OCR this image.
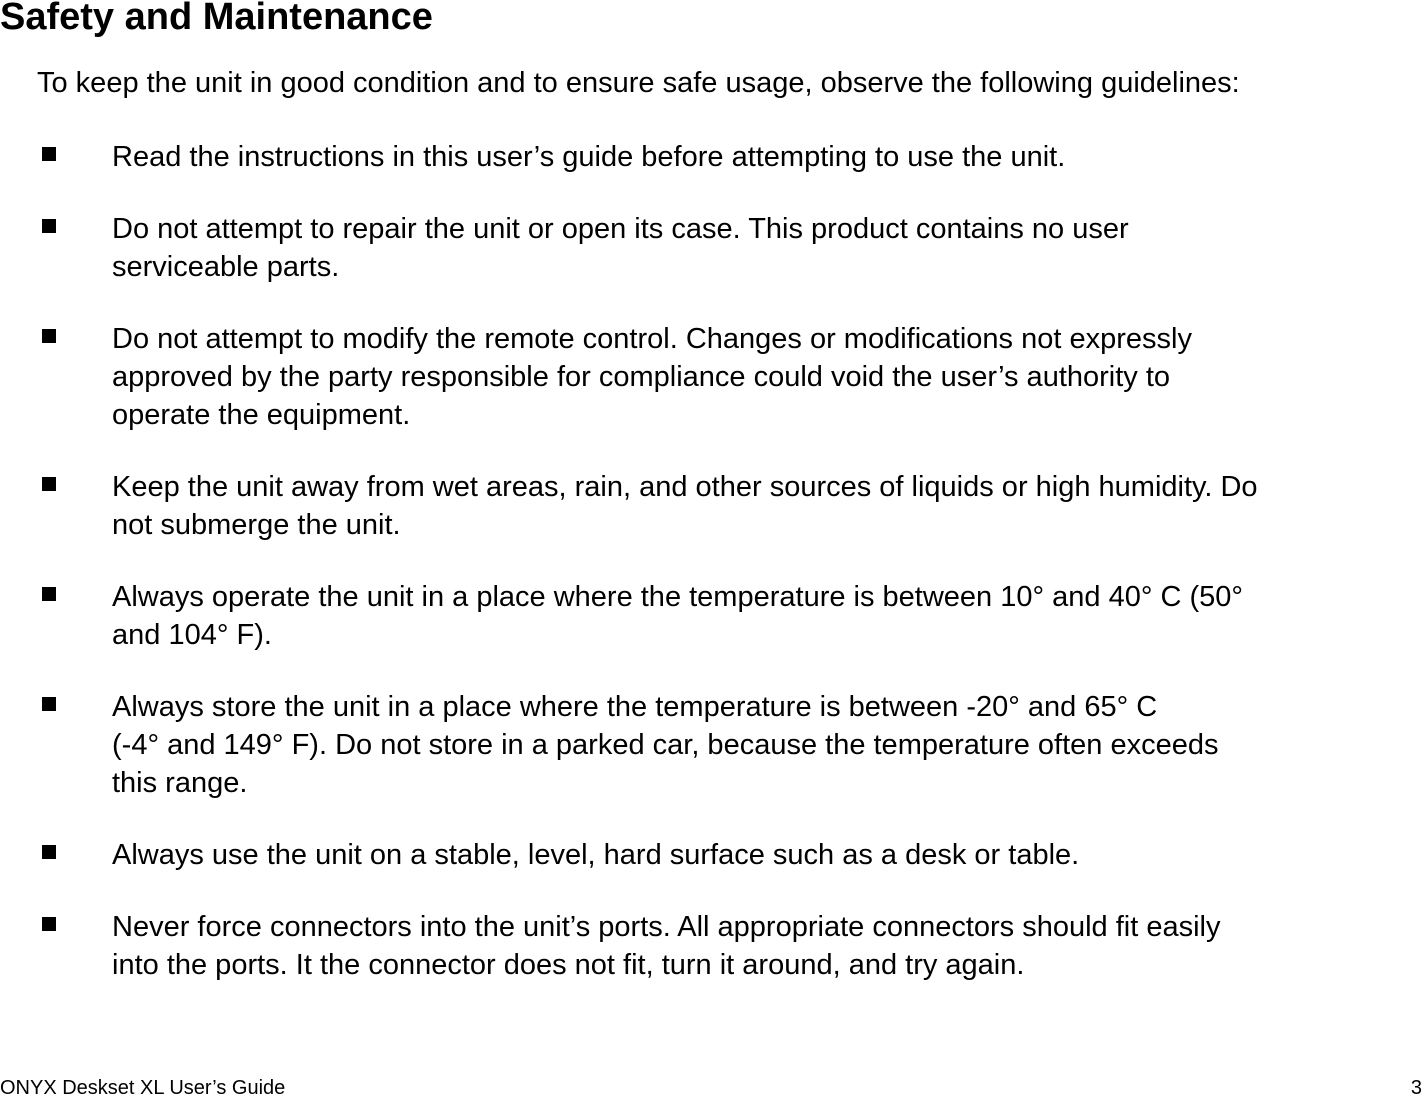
Safety and Maintenance
To keep the unit in good condition and to ensure safe usage, observe the following guidelines:
Read the instructions in this user’s guide before attempting to use the unit.
Do not attempt to repair the unit or open its case. This product contains no user
serviceable parts.
Do not attempt to modify the remote control. Changes or modifications not expressly
approved by the party responsible for compliance could void the user’s authority to
operate the equipment.
Keep the unit away from wet areas, rain, and other sources of liquids or high humidity. Do
not submerge the unit.
Always operate the unit in a place where the temperature is between 10° and 40° C (50°
and 104° F).
Always store the unit in a place where the temperature is between -20° and 65° C
(-4° and 149° F). Do not store in a parked car, because the temperature often exceeds
this range.
Always use the unit on a stable, level, hard surface such as a desk or table.
Never force connectors into the unit’s ports. All appropriate connectors should fit easily
into the ports. It the connector does not fit, turn it around, and try again.
ONYX Deskset XL User’s Guide	3
